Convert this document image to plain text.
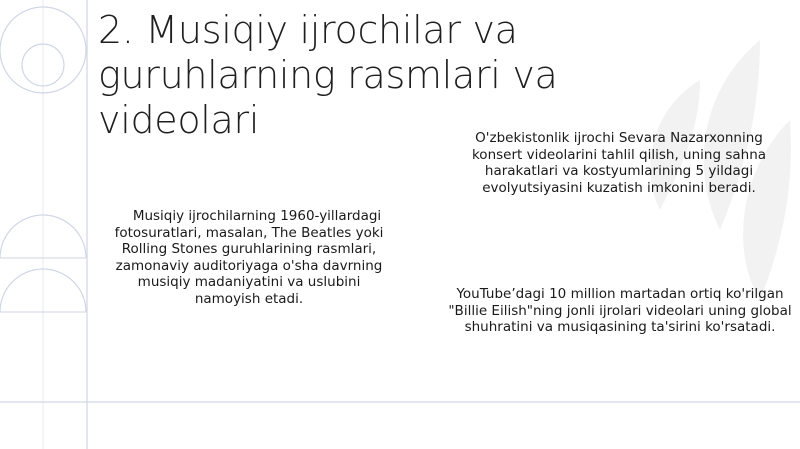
2. Musiqiy ijrochilar va guruhlarning rasmlari va videolari

Musiqiy ijrochilarning 1960-yillardagi fotosuratlari, masalan, The Beatles yoki Rolling Stones guruhlarining rasmlari, zamonaviy auditoriyaga o'sha davrning musiqiy madaniyatini va uslubini namoyish etadi.

O'zbekistonlik ijrochi Sevara Nazarxonning konsert videolarini tahlil qilish, uning sahna harakatlari va kostyumlarining 5 yildagi evolyutsiyasini kuzatish imkonini beradi.

YouTube’dagi 10 million martadan ortiq ko'rilgan "Billie Eilish"ning jonli ijrolari videolari uning global shuhratini va musiqasining ta'sirini ko'rsatadi.
